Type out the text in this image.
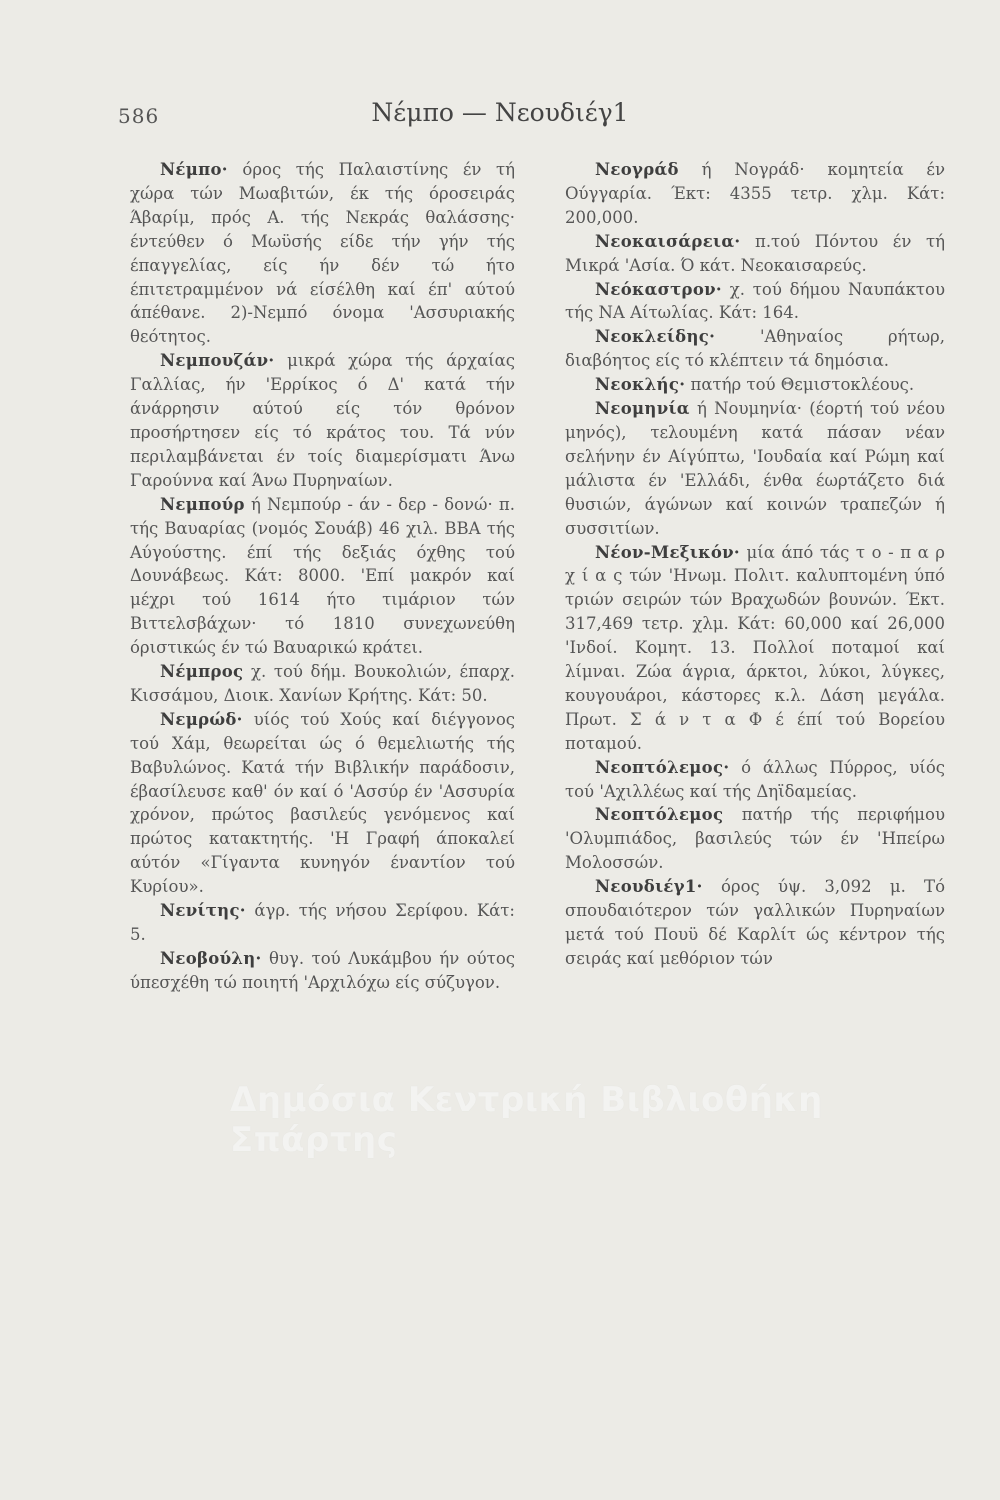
586	Νέμπο — Νεουδιέγ1

Νέμπο· όρος τής Παλαιστίνης έν τή χώρα τών Μωαβιτών, έκ τής όροσειράς Άβαρίμ, πρός Α. τής Νεκράς θαλάσσης· έντεύθεν ό Μωϋσής είδε τήν γήν τής έπαγγελίας, είς ήν δέν τώ ήτο έπιτετραμμένον νά είσέλθη καί έπ' αύτού άπέθανε. 2)-Νεμπό όνομα 'Ασσυριακής θεότητος.

Νεμπουζάν· μικρά χώρα τής άρχαίας Γαλλίας, ήν 'Ερρίκος ό Δ' κατά τήν άνάρρησιν αύτού είς τόν θρόνον προσήρτησεν είς τό κράτος του. Τά νύν περιλαμβάνεται έν τοίς διαμερίσματι Άνω Γαρούννα καί Άνω Πυρηναίων.

Νεμπούρ ή Νεμπούρ - άν - δερ - δονώ· π. τής Βαυαρίας (νομός Σουάβ) 46 χιλ. ΒΒΑ τής Αύγούστης. έπί τής δεξιάς όχθης τού Δουνάβεως. Κάτ: 8000. 'Επί μακρόν καί μέχρι τού 1614 ήτο τιμάριον τών Βιττελσβάχων· τό 1810 συνεχωνεύθη όριστικώς έν τώ Βαυαρικώ κράτει.

Νέμπρος χ. τού δήμ. Βουκολιών, έπαρχ. Κισσάμου, Διοικ. Χανίων Κρήτης. Κάτ: 50.

Νεμρώδ· υίός τού Χούς καί διέγγονος τού Χάμ, θεωρείται ώς ό θεμελιωτής τής Βαβυλώνος. Κατά τήν Βιβλικήν παράδοσιν, έβασίλευσε καθ' όν καί ό 'Ασσύρ έν 'Ασσυρία χρόνον, πρώτος βασιλεύς γενόμενος καί πρώτος κατακτητής. 'Η Γραφή άποκαλεί αύτόν «Γίγαντα κυνηγόν έναντίον τού Κυρίου».

Νενίτης· άγρ. τής νήσου Σερίφου. Κάτ: 5.

Νεοβούλη· θυγ. τού Λυκάμβου ήν ούτος ύπεσχέθη τώ ποιητή 'Αρχιλόχω είς σύζυγον.

Νεογράδ ή Νογράδ· κομητεία έν Ούγγαρία. Έκτ: 4355 τετρ. χλμ. Κάτ: 200,000.

Νεοκαισάρεια· π.τού Πόντου έν τή Μικρά 'Ασία. Ό κάτ. Νεοκαισαρεύς.

Νεόκαστρον· χ. τού δήμου Ναυπάκτου τής ΝΑ Αίτωλίας. Κάτ: 164.

Νεοκλείδης·	'Αθηναίος ρήτωρ, διαβόητος είς τό κλέπτειν τά δημόσια.

Νεοκλής· πατήρ τού Θεμιστοκλέους.

Νεομηνία ή Νουμηνία· (έορτή τού νέου μηνός), τελουμένη κατά πάσαν νέαν σελήνην έν Αίγύπτω, 'Ιουδαία καί Ρώμη καί μάλιστα έν 'Ελλάδι, ένθα έωρτάζετο διά θυσιών, άγώνων καί κοινών τραπεζών ή συσσιτίων.

Νέον-Μεξικόν· μία άπό τάς τ ο - π α ρ χ ί α ς τών 'Ηνωμ. Πολιτ. καλυπτομένη ύπό τριών σειρών τών Βραχωδών βουνών. Έκτ. 317,469 τετρ. χλμ. Κάτ: 60,000 καί 26,000 'Ινδοί. Κομητ. 13. Πολλοί ποταμοί καί λίμναι. Ζώα άγρια, άρκτοι, λύκοι, λύγκες, κουγουάροι, κάστορες κ.λ. Δάση μεγάλα. Πρωτ. Σ ά ν τ α Φ έ έπί τού Βορείου ποταμού.

Νεοπτόλεμος· ό άλλως Πύρρος, υίός τού 'Αχιλλέως καί τής Δηϊδαμείας.

Νεοπτόλεμος πατήρ τής περιφήμου 'Ολυμπιάδος, βασιλεύς τών έν 'Ηπείρω Μολοσσών.

Νεουδιέγ1· όρος ύψ. 3,092 μ. Τό σπουδαιότερον τών γαλλικών Πυρηναίων μετά τού Πουϋ δέ Καρλίτ ώς κέντρον τής σειράς καί μεθόριον τών

Δημόσια Κεντρική Βιβλιοθήκη Σπάρτης
